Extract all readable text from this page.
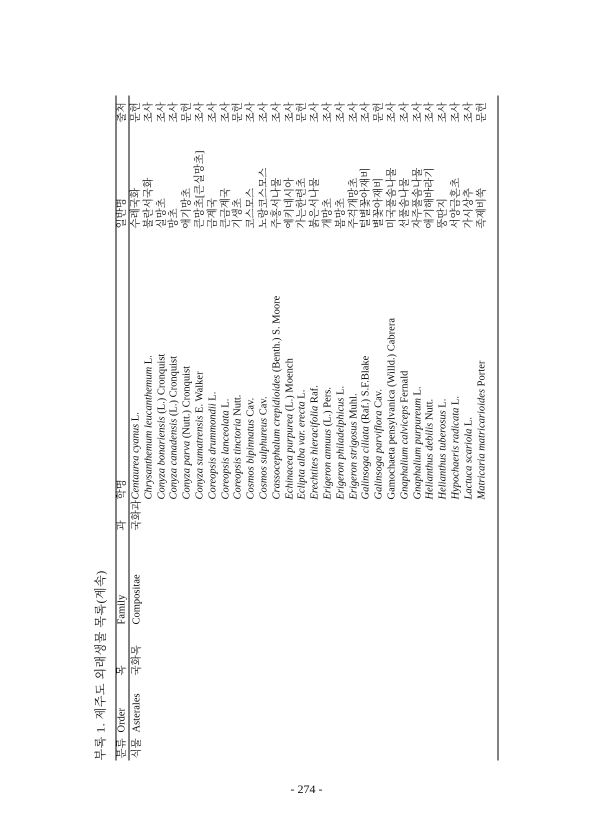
부록 1. 제주도 외래생물 목록(계속) 분류
Order
목
Family
과
학명
일반명
출처
식물
Asterales
국화목
Compositae
국화과
Centaurea cyanus L.
수레국화
문헌
Chrysanthemum leucanthemum L.
불란서국화
조사
Conyza bonariensis (L.) Cronquist
실망초
조사
Conyza canadensis (L.) Cronquist
망초
조사
Conyza parva (Nutt.) Cronquist
애기망초
문헌
Conyza sumatrensis E. Walker
큰망초[큰실망초]
조사
Coreopsis drummondii L.
금계국
조사
Coreopsis lanceolata L.
큰금계국
조사
Coreopsis tinctoria Nutt.
기생초
문헌
Cosmos bipinnatus Cav.
코스모스
조사
Cosmos sulphureus Cav.
노랑코스모스
조사
Crassocephalum crepidioides (Benth.) S. Moore
주홍서나물
조사
Echinacea purpurea (L.) Moench
에키네시아
조사
Eclipta alba var. erecta L.
가는한련초
문헌
Erechtites hieracifolia Raf.
붉은서나물
조사
Erigeron annuus (L.) Pers.
개망초
조사
Erigeron philadelphicus L.
봄망초
조사
Erigeron strigosus Muhl.
주걱개망초
조사
Galinsoga ciliata (Raf.) S.F.Blake
털별꽃아재비
조사
Galinsoga parviflora Cav.
별꽃아재비
문헌
Gamochaeta pensylvanica (Willd.) Cabrera
미국풀솜나물
조사
Gnaphalium calviceps Fernald
선풀솜나물
조사
Gnaphalium purpureum L.
자주풀솜나물
조사
Helianthus debilis Nutt.
애기해바라기
조사
Helianthus tuberosus L.
뚱딴지
조사
Hypochaeris radicata L.
서양금혼초
조사
Lactuca scariola L.
가시상추
조사
Matricaria matricarioides Porter
족제비쑥
문헌
- 274 -
